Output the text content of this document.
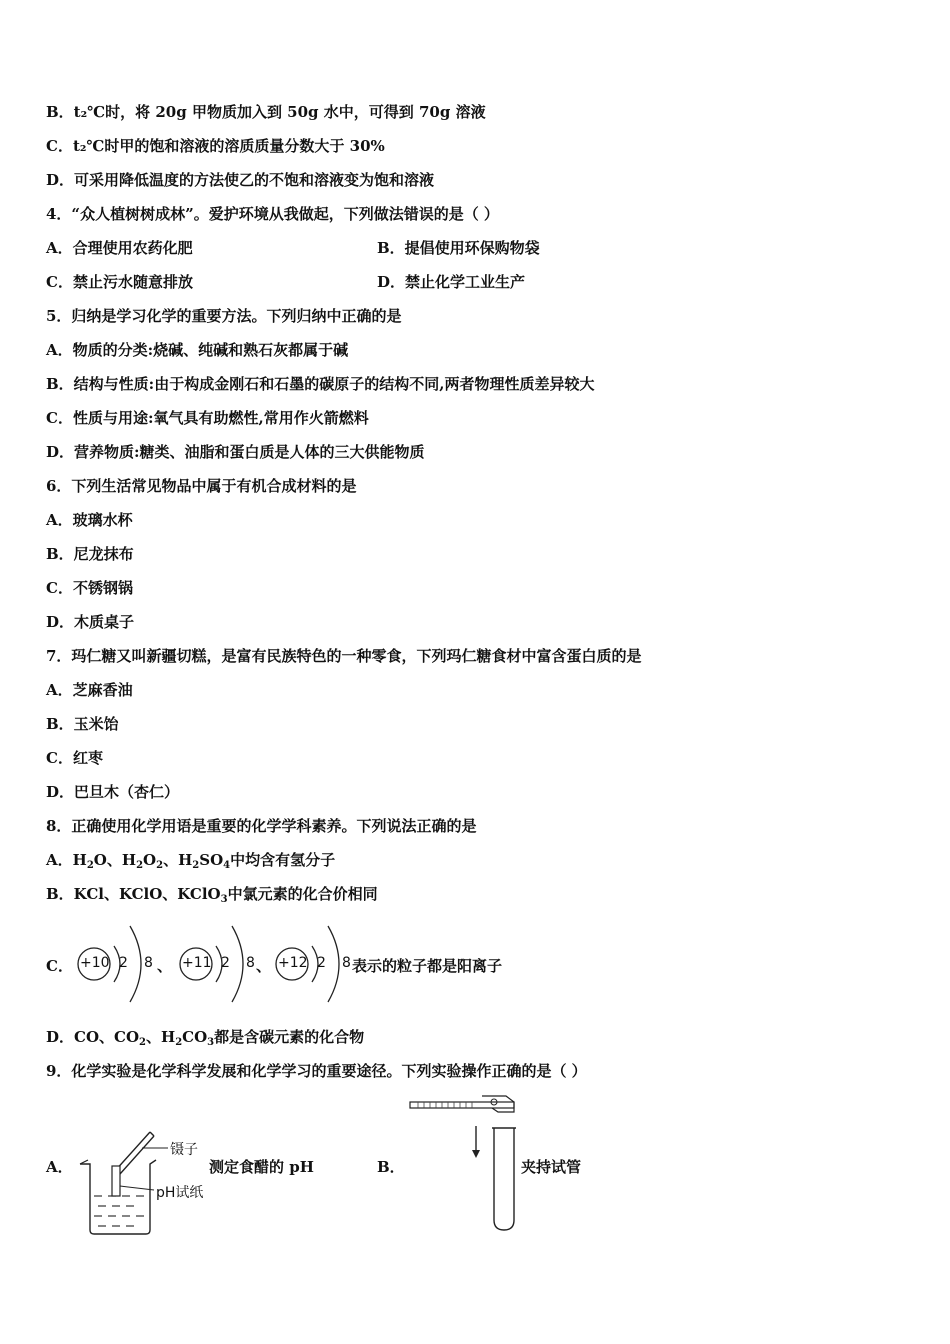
B．t₂℃时，将 20g 甲物质加入到 50g 水中，可得到 70g 溶液
C．t₂℃时甲的饱和溶液的溶质质量分数大于 30%
D．可采用降低温度的方法使乙的不饱和溶液变为饱和溶液
4．“众人植树树成林”。爱护环境从我做起，下列做法错误的是（ ）
A．合理使用农药化肥	B．提倡使用环保购物袋
C．禁止污水随意排放	D．禁止化学工业生产
5．归纳是学习化学的重要方法。下列归纳中正确的是
A．物质的分类:烧碱、纯碱和熟石灰都属于碱
B．结构与性质:由于构成金刚石和石墨的碳原子的结构不同,两者物理性质差异较大
C．性质与用途:氧气具有助燃性,常用作火箭燃料
D．营养物质:糖类、油脂和蛋白质是人体的三大供能物质
6．下列生活常见物品中属于有机合成材料的是
A．玻璃水杯
B．尼龙抹布
C．不锈钢锅
D．木质桌子
7．玛仁糖又叫新疆切糕，是富有民族特色的一种零食，下列玛仁糖食材中富含蛋白质的是
A．芝麻香油
B．玉米饴
C．红枣
D．巴旦木（杏仁）
8．正确使用化学用语是重要的化学学科素养。下列说法正确的是
A．$H_2O$、$H_2O_2$、$H_2SO_4$中均含有氢分子
B．KCl、KClO、KClO$_3$中氯元素的化合价相同
C． +10 2 8 、 +11 2 8 、 +12 2 8 表示的粒子都是阳离子
D．CO、$CO_2$、$H_2CO_3$都是含碳元素的化合物
9．化学实验是化学科学发展和化学学习的重要途径。下列实验操作正确的是（ ）
A．
镊子
pH试纸
测定食醋的 pH	B．	夹持试管
